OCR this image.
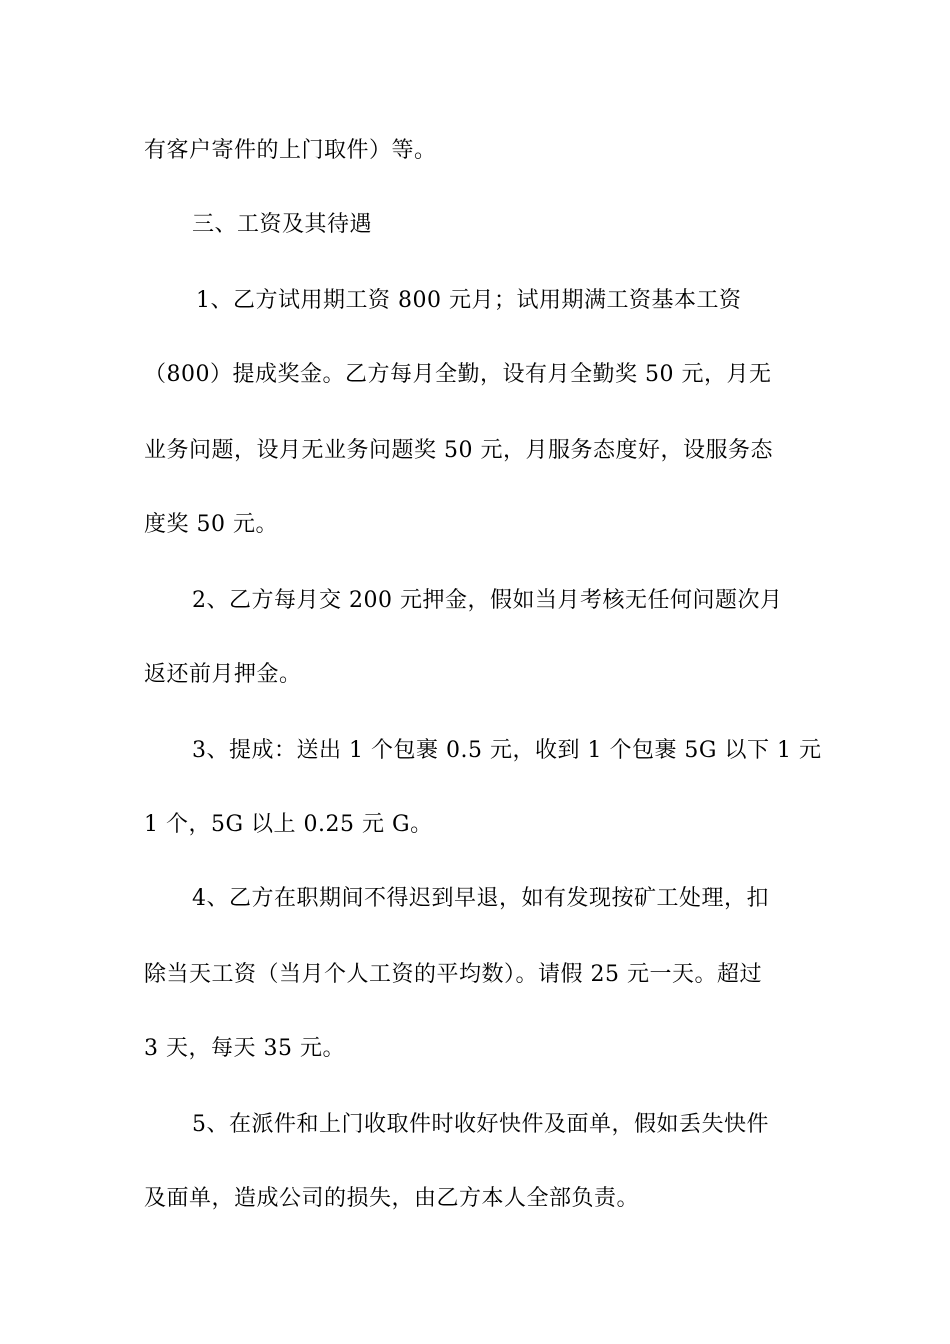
有客户寄件的上门取件）等。
三、工资及其待遇
1、乙方试用期工资 800 元月；试用期满工资基本工资
（800）提成奖金。乙方每月全勤，设有月全勤奖 50 元，月无
业务问题，设月无业务问题奖 50 元，月服务态度好，设服务态
度奖 50 元。
2、乙方每月交 200 元押金，假如当月考核无任何问题次月
返还前月押金。
3、提成：送出 1 个包裹 0.5 元，收到 1 个包裹 5G 以下 1 元
1 个，5G 以上 0.25 元 G。
4、乙方在职期间不得迟到早退，如有发现按矿工处理，扣
除当天工资（当月个人工资的平均数）。请假 25 元一天。超过
3 天，每天 35 元。
5、在派件和上门收取件时收好快件及面单，假如丢失快件
及面单，造成公司的损失，由乙方本人全部负责。
